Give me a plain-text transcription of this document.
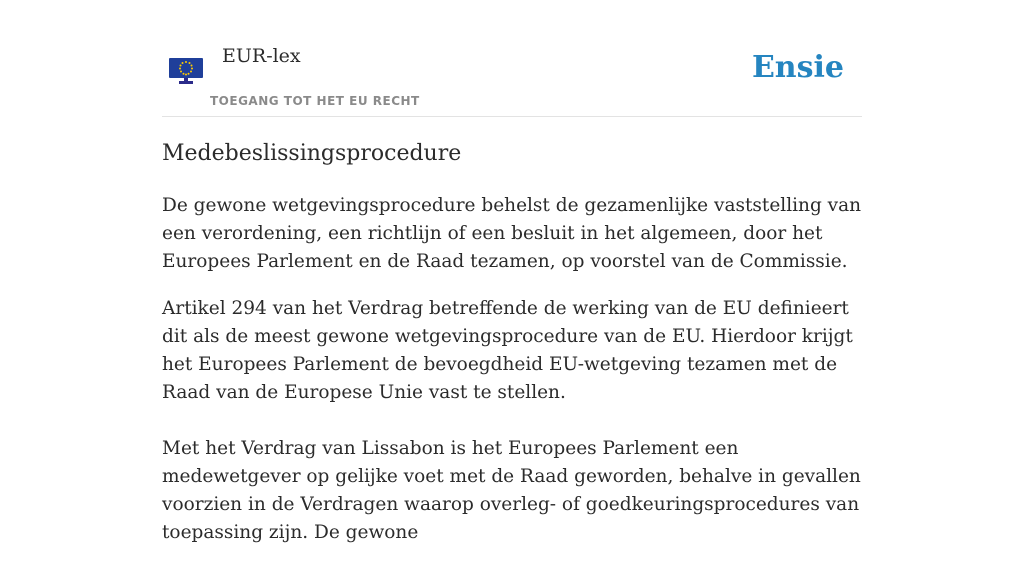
EUR-lex
TOEGANG TOT HET EU RECHT
Ensie
Medebeslissingsprocedure

De gewone wetgevingsprocedure behelst de gezamenlijke vaststelling van een verordening, een richtlijn of een besluit in het algemeen, door het Europees Parlement en de Raad tezamen, op voorstel van de Commissie.

Artikel 294 van het Verdrag betreffende de werking van de EU definieert dit als de meest gewone wetgevingsprocedure van de EU. Hierdoor krijgt het Europees Parlement de bevoegdheid EU-wetgeving tezamen met de Raad van de Europese Unie vast te stellen.

Met het Verdrag van Lissabon is het Europees Parlement een medewetgever op gelijke voet met de Raad geworden, behalve in gevallen voorzien in de Verdragen waarop overleg- of goedkeuringsprocedures van toepassing zijn. De gewone
